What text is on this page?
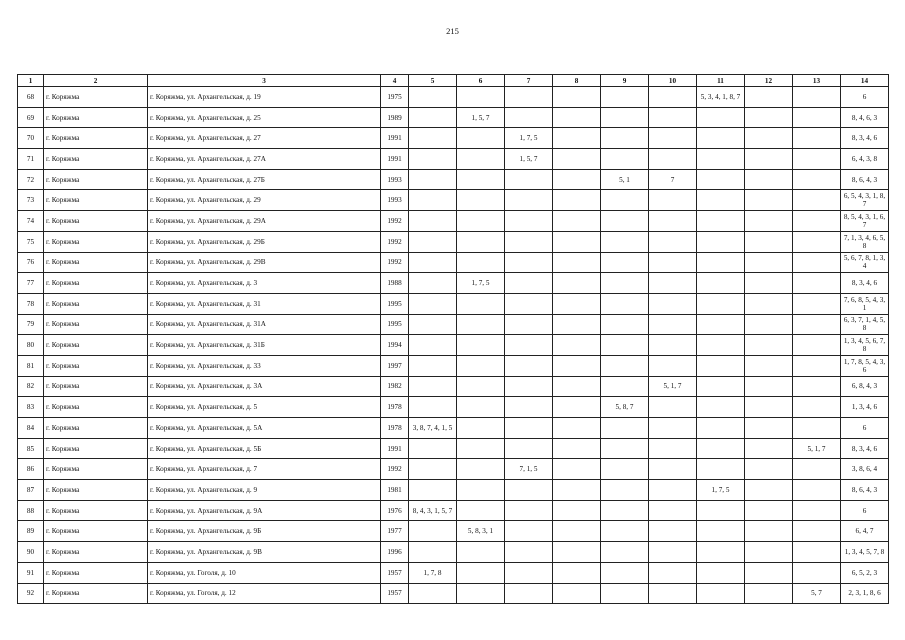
215
1	2	3	4	5	6	7	8	9	10	11	12	13	14
68	г. Коряжма	г. Коряжма, ул. Архангельская, д. 19	1975							5, 3, 4, 1, 8, 7			6
69	г. Коряжма	г. Коряжма, ул. Архангельская, д. 25	1989		1, 5, 7								8, 4, 6, 3
70	г. Коряжма	г. Коряжма, ул. Архангельская, д. 27	1991			1, 7, 5							8, 3, 4, 6
71	г. Коряжма	г. Коряжма, ул. Архангельская, д. 27А	1991			1, 5, 7							6, 4, 3, 8
72	г. Коряжма	г. Коряжма, ул. Архангельская, д. 27Б	1993					5, 1	7				8, 6, 4, 3
73	г. Коряжма	г. Коряжма, ул. Архангельская, д. 29	1993										6, 5, 4, 3, 1, 8, 7
74	г. Коряжма	г. Коряжма, ул. Архангельская, д. 29А	1992										8, 5, 4, 3, 1, 6, 7
75	г. Коряжма	г. Коряжма, ул. Архангельская, д. 29Б	1992										7, 1, 3, 4, 6, 5, 8
76	г. Коряжма	г. Коряжма, ул. Архангельская, д. 29В	1992										5, 6, 7, 8, 1, 3, 4
77	г. Коряжма	г. Коряжма, ул. Архангельская, д. 3	1988		1, 7, 5								8, 3, 4, 6
78	г. Коряжма	г. Коряжма, ул. Архангельская, д. 31	1995										7, 6, 8, 5, 4, 3, 1
79	г. Коряжма	г. Коряжма, ул. Архангельская, д. 31А	1995										6, 3, 7, 1, 4, 5, 8
80	г. Коряжма	г. Коряжма, ул. Архангельская, д. 31Б	1994										1, 3, 4, 5, 6, 7, 8
81	г. Коряжма	г. Коряжма, ул. Архангельская, д. 33	1997										1, 7, 8, 5, 4, 3, 6
82	г. Коряжма	г. Коряжма, ул. Архангельская, д. 3А	1982						5, 1, 7				6, 8, 4, 3
83	г. Коряжма	г. Коряжма, ул. Архангельская, д. 5	1978					5, 8, 7					1, 3, 4, 6
84	г. Коряжма	г. Коряжма, ул. Архангельская, д. 5А	1978	3, 8, 7, 4, 1, 5									6
85	г. Коряжма	г. Коряжма, ул. Архангельская, д. 5Б	1991									5, 1, 7	8, 3, 4, 6
86	г. Коряжма	г. Коряжма, ул. Архангельская, д. 7	1992			7, 1, 5							3, 8, 6, 4
87	г. Коряжма	г. Коряжма, ул. Архангельская, д. 9	1981							1, 7, 5			8, 6, 4, 3
88	г. Коряжма	г. Коряжма, ул. Архангельская, д. 9А	1976	8, 4, 3, 1, 5, 7									6
89	г. Коряжма	г. Коряжма, ул. Архангельская, д. 9Б	1977		5, 8, 3, 1								6, 4, 7
90	г. Коряжма	г. Коряжма, ул. Архангельская, д. 9В	1996										1, 3, 4, 5, 7, 8
91	г. Коряжма	г. Коряжма, ул. Гоголя, д. 10	1957	1, 7, 8									6, 5, 2, 3
92	г. Коряжма	г. Коряжма, ул. Гоголя, д. 12	1957									5, 7	2, 3, 1, 8, 6
